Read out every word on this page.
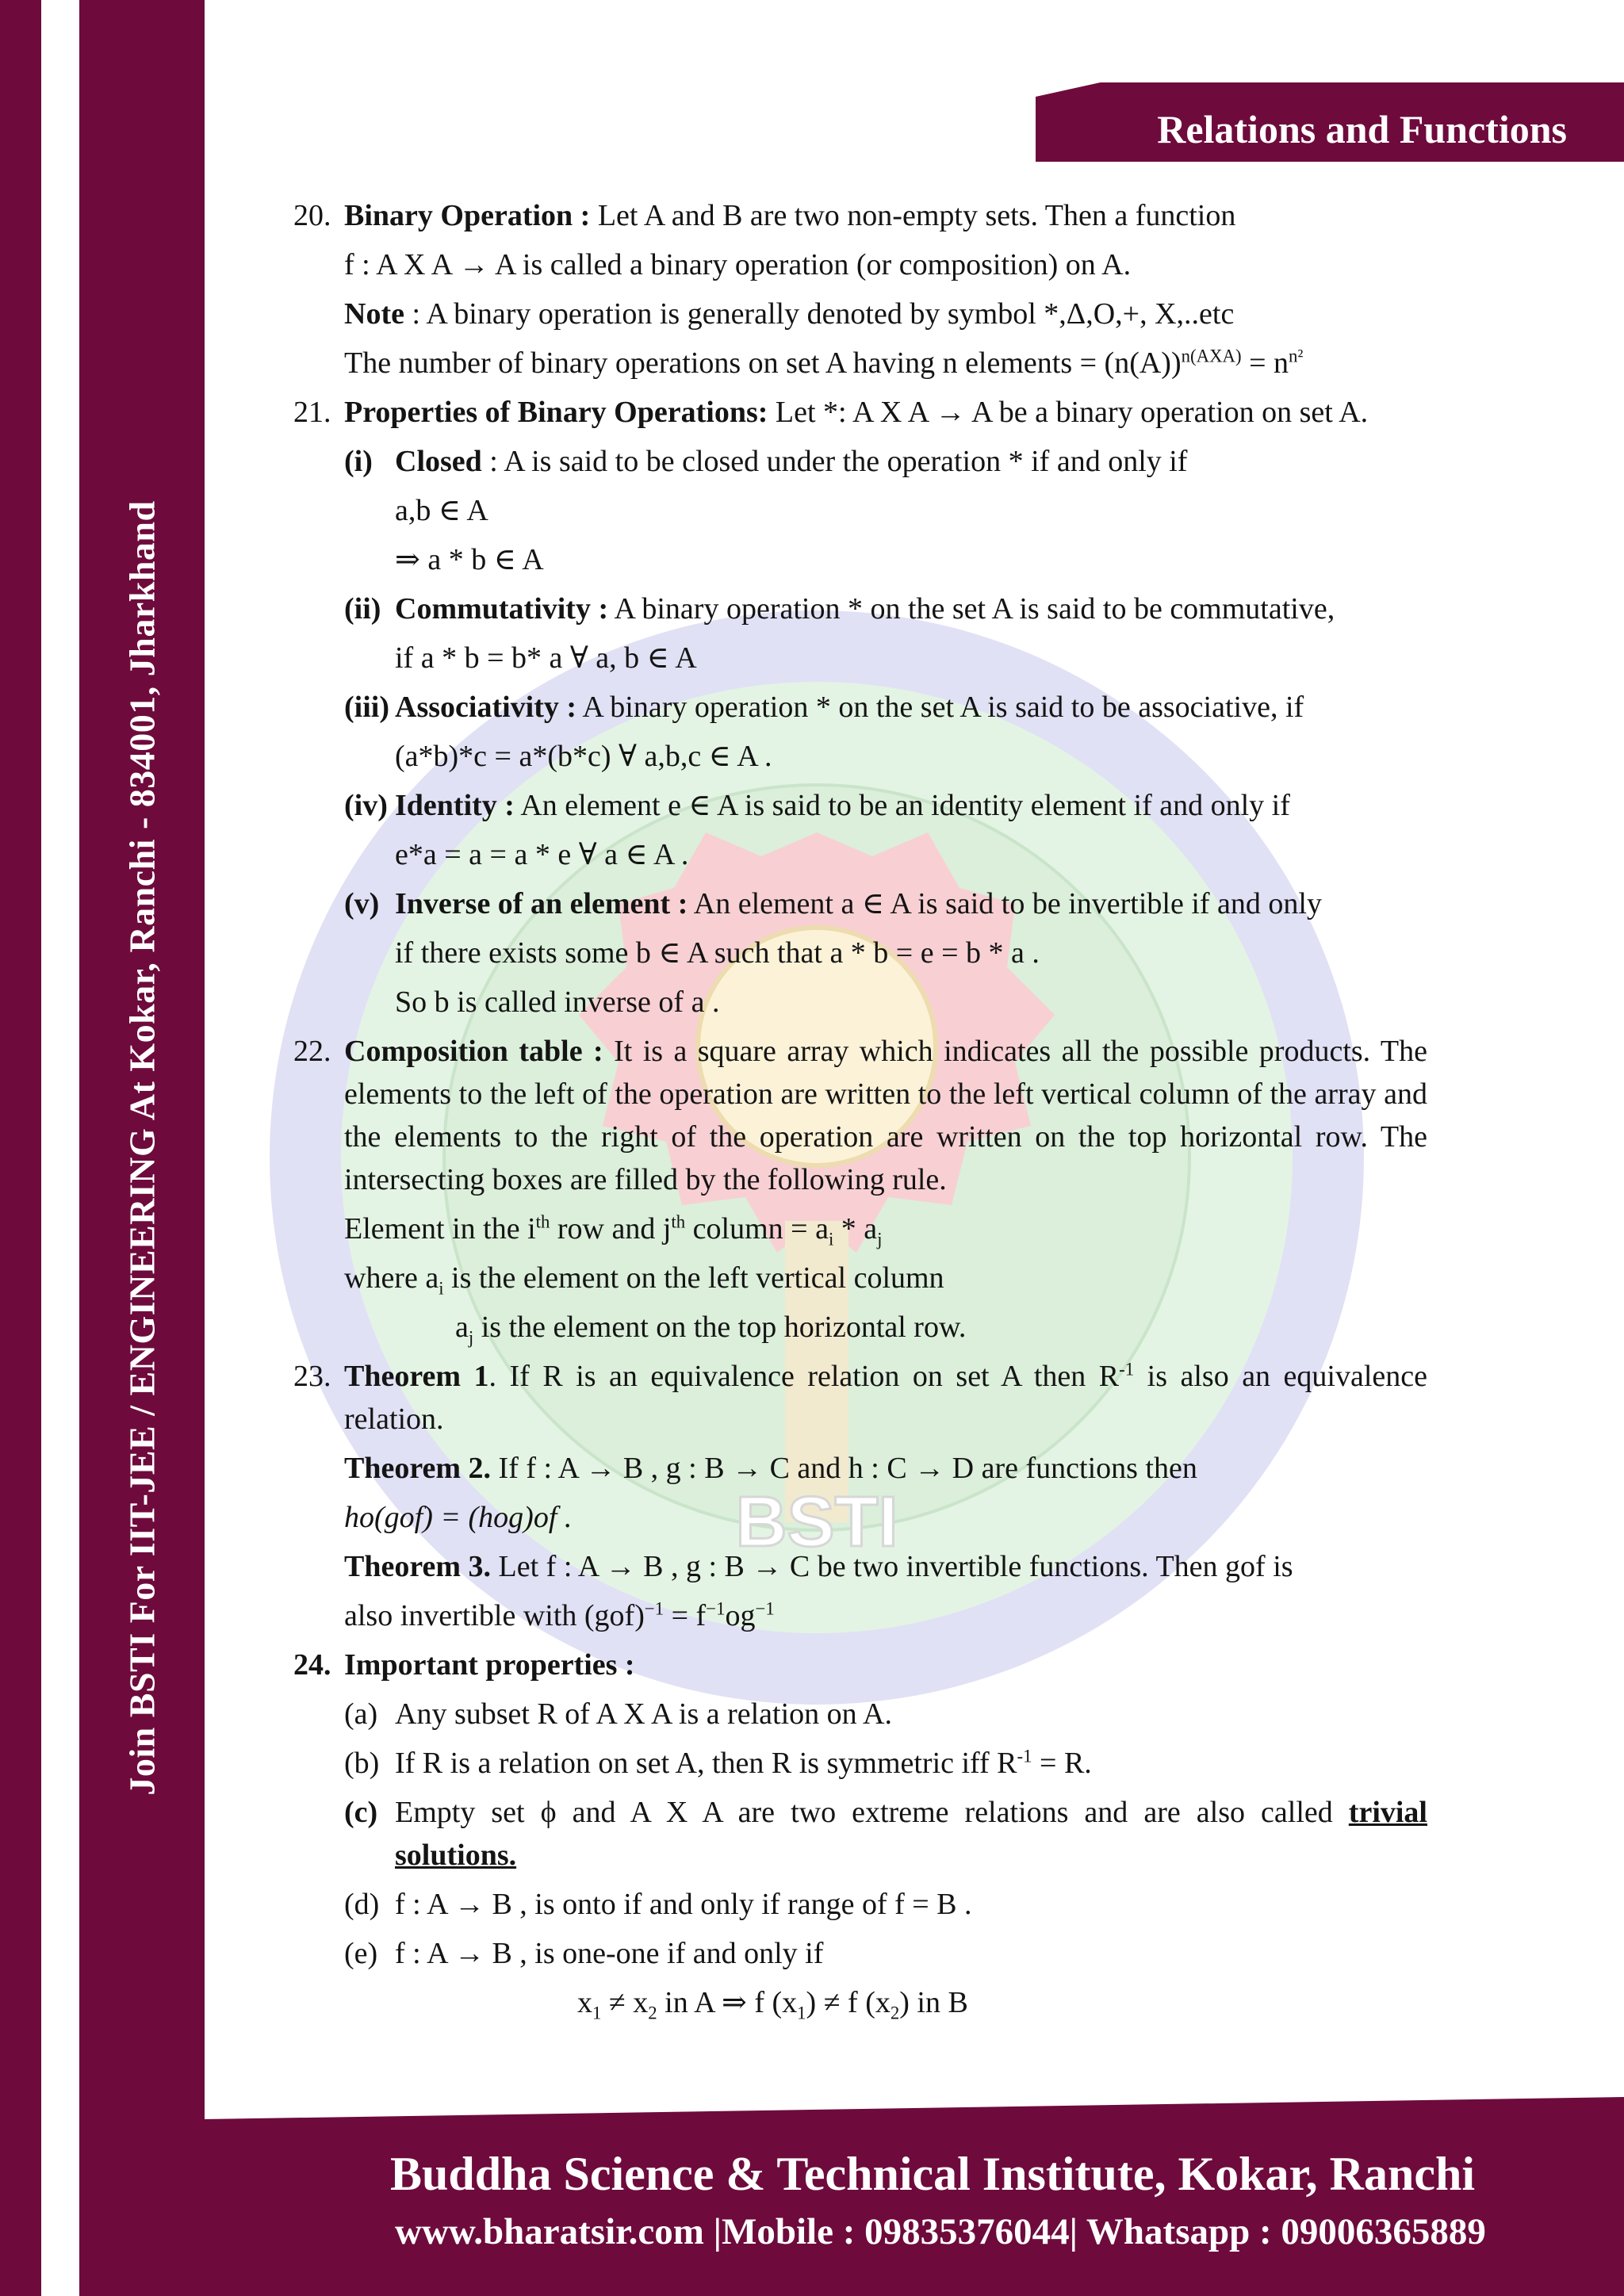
Join BSTI For IIT-JEE / ENGINEERING At Kokar, Ranchi - 834001, Jharkhand
Relations and Functions
BSTI
20. Binary Operation : Let A and B are two non-empty sets. Then a function
f : A X A → A is called a binary operation (or composition) on A.
Note : A binary operation is generally denoted by symbol *,Δ,O,+, X,..etc
The number of binary operations on set A having n elements = $(n(A))^{n(AXA)} = n^{n^2}$
21. Properties of Binary Operations: Let *: A X A → A be a binary operation on set A.
(i) Closed : A is said to be closed under the operation * if and only if
a,b ∈ A
⇒ a * b ∈ A
(ii) Commutativity : A binary operation * on the set A is said to be commutative,
if a * b = b* a ∀ a, b ∈ A
(iii) Associativity : A binary operation * on the set A is said to be associative, if
(a*b)*c = a*(b*c) ∀ a,b,c ∈ A .
(iv) Identity : An element e ∈ A is said to be an identity element if and only if
e*a = a = a * e ∀ a ∈ A .
(v) Inverse of an element : An element a ∈ A is said to be invertible if and only
if there exists some b ∈ A such that a * b = e = b * a .
So b is called inverse of a .
22. Composition table : It is a square array which indicates all the possible products. The elements to the left of the operation are written to the left vertical column of the array and the elements to the right of the operation are written on the top horizontal row. The intersecting boxes are filled by the following rule.
Element in the $i^{th}$ row and $j^{th}$ column = $a_i * a_j$
where $a_i$ is the element on the left vertical column
$a_j$ is the element on the top horizontal row.
23. Theorem 1. If R is an equivalence relation on set A then $R^{-1}$ is also an equivalence relation.
Theorem 2. If f : A → B , g : B → C and h : C → D are functions then
ho(gof) = (hog)of .
Theorem 3. Let f : A → B , g : B → C be two invertible functions. Then gof is
also invertible with $(gof)^{-1} = f^{-1}og^{-1}$
24. Important properties :
(a) Any subset R of A X A is a relation on A.
(b) If R is a relation on set A, then R is symmetric iff $R^{-1} = R$.
(c) Empty set ϕ and A X A are two extreme relations and are also called trivial solutions.
(d) f : A → B , is onto if and only if range of f = B .
(e) f : A → B , is one-one if and only if
$x_1 \ne x_2$ in A ⇒ f $(x_1) \ne f$ $(x_2)$ in B
Buddha Science & Technical Institute, Kokar, Ranchi
www.bharatsir.com |Mobile : 09835376044| Whatsapp : 09006365889
